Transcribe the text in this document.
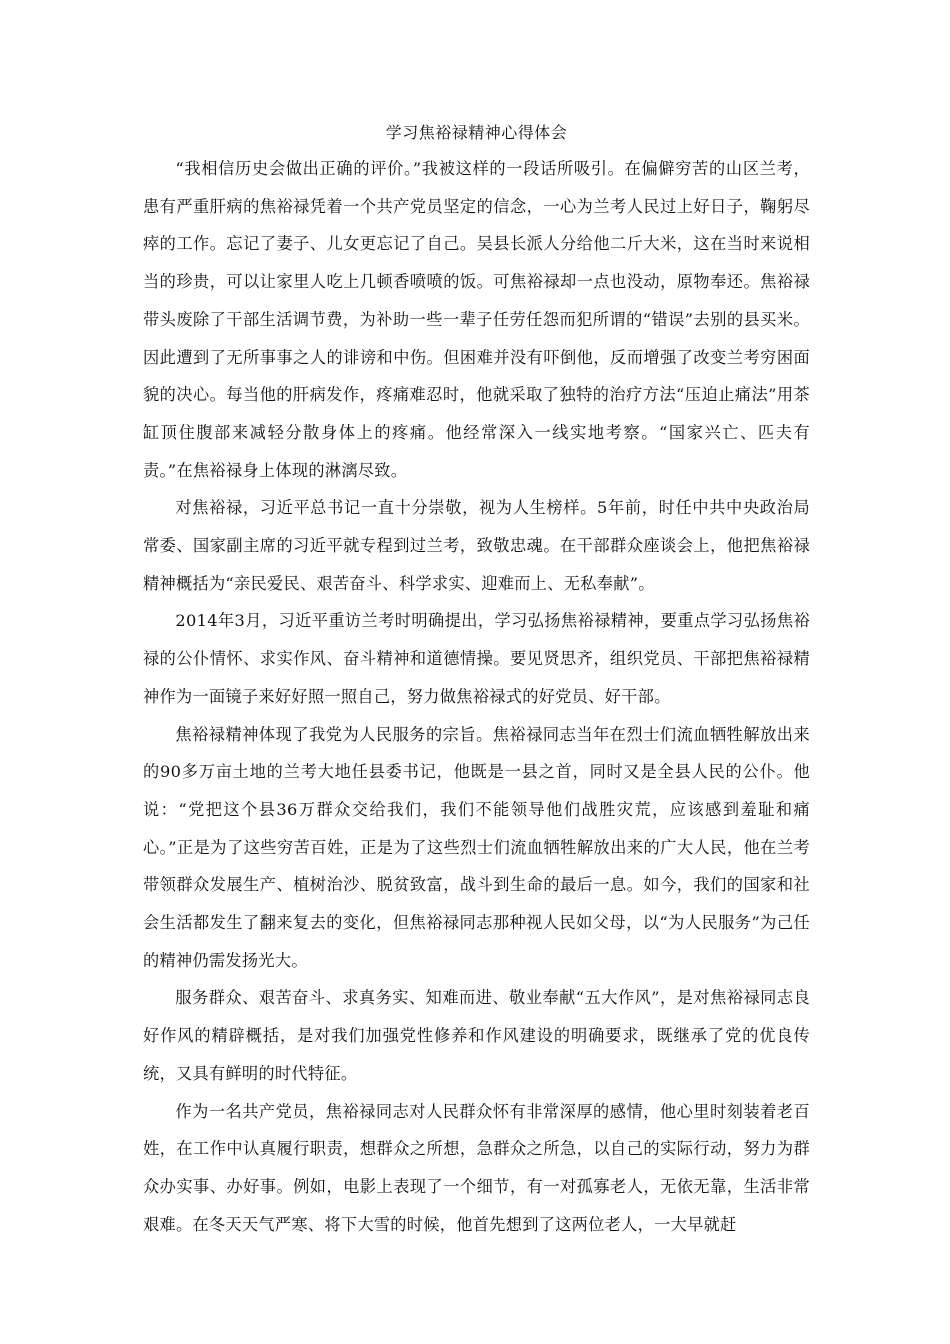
学习焦裕禄精神心得体会

“我相信历史会做出正确的评价。”我被这样的一段话所吸引。在偏僻穷苦的山区兰考，患有严重肝病的焦裕禄凭着一个共产党员坚定的信念，一心为兰考人民过上好日子，鞠躬尽瘁的工作。忘记了妻子、儿女更忘记了自己。吴县长派人分给他二斤大米，这在当时来说相当的珍贵，可以让家里人吃上几顿香喷喷的饭。可焦裕禄却一点也没动，原物奉还。焦裕禄带头废除了干部生活调节费，为补助一些一辈子任劳任怨而犯所谓的“错误”去别的县买米。因此遭到了无所事事之人的诽谤和中伤。但困难并没有吓倒他，反而增强了改变兰考穷困面貌的决心。每当他的肝病发作，疼痛难忍时，他就采取了独特的治疗方法“压迫止痛法”用茶缸顶住腹部来减轻分散身体上的疼痛。他经常深入一线实地考察。“国家兴亡、匹夫有责。”在焦裕禄身上体现的淋漓尽致。

对焦裕禄，习近平总书记一直十分崇敬，视为人生榜样。5年前，时任中共中央政治局常委、国家副主席的习近平就专程到过兰考，致敬忠魂。在干部群众座谈会上，他把焦裕禄精神概括为“亲民爱民、艰苦奋斗、科学求实、迎难而上、无私奉献”。

2014年3月，习近平重访兰考时明确提出，学习弘扬焦裕禄精神，要重点学习弘扬焦裕禄的公仆情怀、求实作风、奋斗精神和道德情操。要见贤思齐，组织党员、干部把焦裕禄精神作为一面镜子来好好照一照自己，努力做焦裕禄式的好党员、好干部。

焦裕禄精神体现了我党为人民服务的宗旨。焦裕禄同志当年在烈士们流血牺牲解放出来的90多万亩土地的兰考大地任县委书记，他既是一县之首，同时又是全县人民的公仆。他说：“党把这个县36万群众交给我们，我们不能领导他们战胜灾荒，应该感到羞耻和痛心。”正是为了这些穷苦百姓，正是为了这些烈士们流血牺牲解放出来的广大人民，他在兰考带领群众发展生产、植树治沙、脱贫致富，战斗到生命的最后一息。如今，我们的国家和社会生活都发生了翻来复去的变化，但焦裕禄同志那种视人民如父母，以“为人民服务”为己任的精神仍需发扬光大。

服务群众、艰苦奋斗、求真务实、知难而进、敬业奉献“五大作风”，是对焦裕禄同志良好作风的精辟概括，是对我们加强党性修养和作风建设的明确要求，既继承了党的优良传统，又具有鲜明的时代特征。

作为一名共产党员，焦裕禄同志对人民群众怀有非常深厚的感情，他心里时刻装着老百姓，在工作中认真履行职责，想群众之所想，急群众之所急，以自己的实际行动，努力为群众办实事、办好事。例如，电影上表现了一个细节，有一对孤寡老人，无依无靠，生活非常艰难。在冬天天气严寒、将下大雪的时候，他首先想到了这两位老人，一大早就赶
